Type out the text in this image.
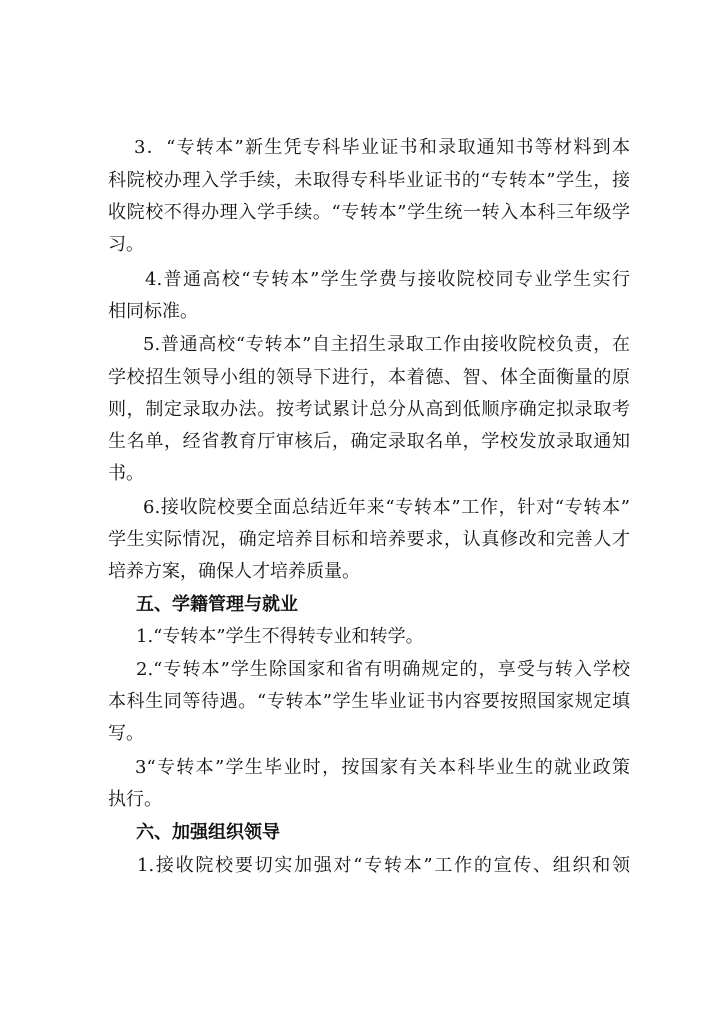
3．“专转本”新生凭专科毕业证书和录取通知书等材料到本
科院校办理入学手续，未取得专科毕业证书的“专转本”学生，接
收院校不得办理入学手续。“专转本”学生统一转入本科三年级学
习。
4.普通高校“专转本”学生学费与接收院校同专业学生实行
相同标准。
5.普通高校“专转本”自主招生录取工作由接收院校负责，在
学校招生领导小组的领导下进行，本着德、智、体全面衡量的原
则，制定录取办法。按考试累计总分从高到低顺序确定拟录取考
生名单，经省教育厅审核后，确定录取名单，学校发放录取通知
书。
6.接收院校要全面总结近年来“专转本”工作，针对“专转本”
学生实际情况，确定培养目标和培养要求，认真修改和完善人才
培养方案，确保人才培养质量。
五、学籍管理与就业
1.“专转本”学生不得转专业和转学。
2.“专转本”学生除国家和省有明确规定的，享受与转入学校
本科生同等待遇。“专转本”学生毕业证书内容要按照国家规定填
写。
3“专转本”学生毕业时，按国家有关本科毕业生的就业政策
执行。
六、加强组织领导
1.接收院校要切实加强对“专转本”工作的宣传、组织和领
